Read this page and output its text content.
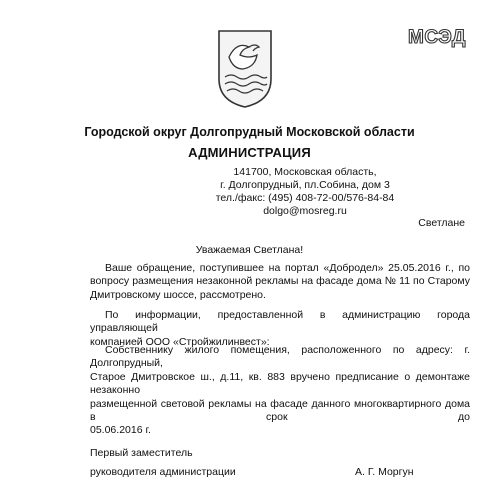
МСЭД
Городской округ Долгопрудный Московской области
АДМИНИСТРАЦИЯ
141700, Московская область,
г. Долгопрудный, пл.Собина, дом 3
тел./факс: (495) 408-72-00/576-84-84
dolgo@mosreg.ru
Светлане
Уважаемая Светлана!
Ваше обращение, поступившее на портал «Добродел» 25.05.2016 г., по
вопросу размещения незаконной рекламы на фасаде дома № 11 по Старому
Дмитровскому шоссе, рассмотрено.
По информации, предоставленной в администрацию города управляющей
компанией ООО «Стройжилинвест»:
Собственнику жилого помещения, расположенного по адресу: г. Долгопрудный,
Старое Дмитровское ш., д.11, кв. 883 вручено предписание о демонтаже незаконно
размещенной световой рекламы на фасаде данного многоквартирного дома в срок до
05.06.2016 г.
Первый заместитель
руководителя администрации	А. Г. Моргун
